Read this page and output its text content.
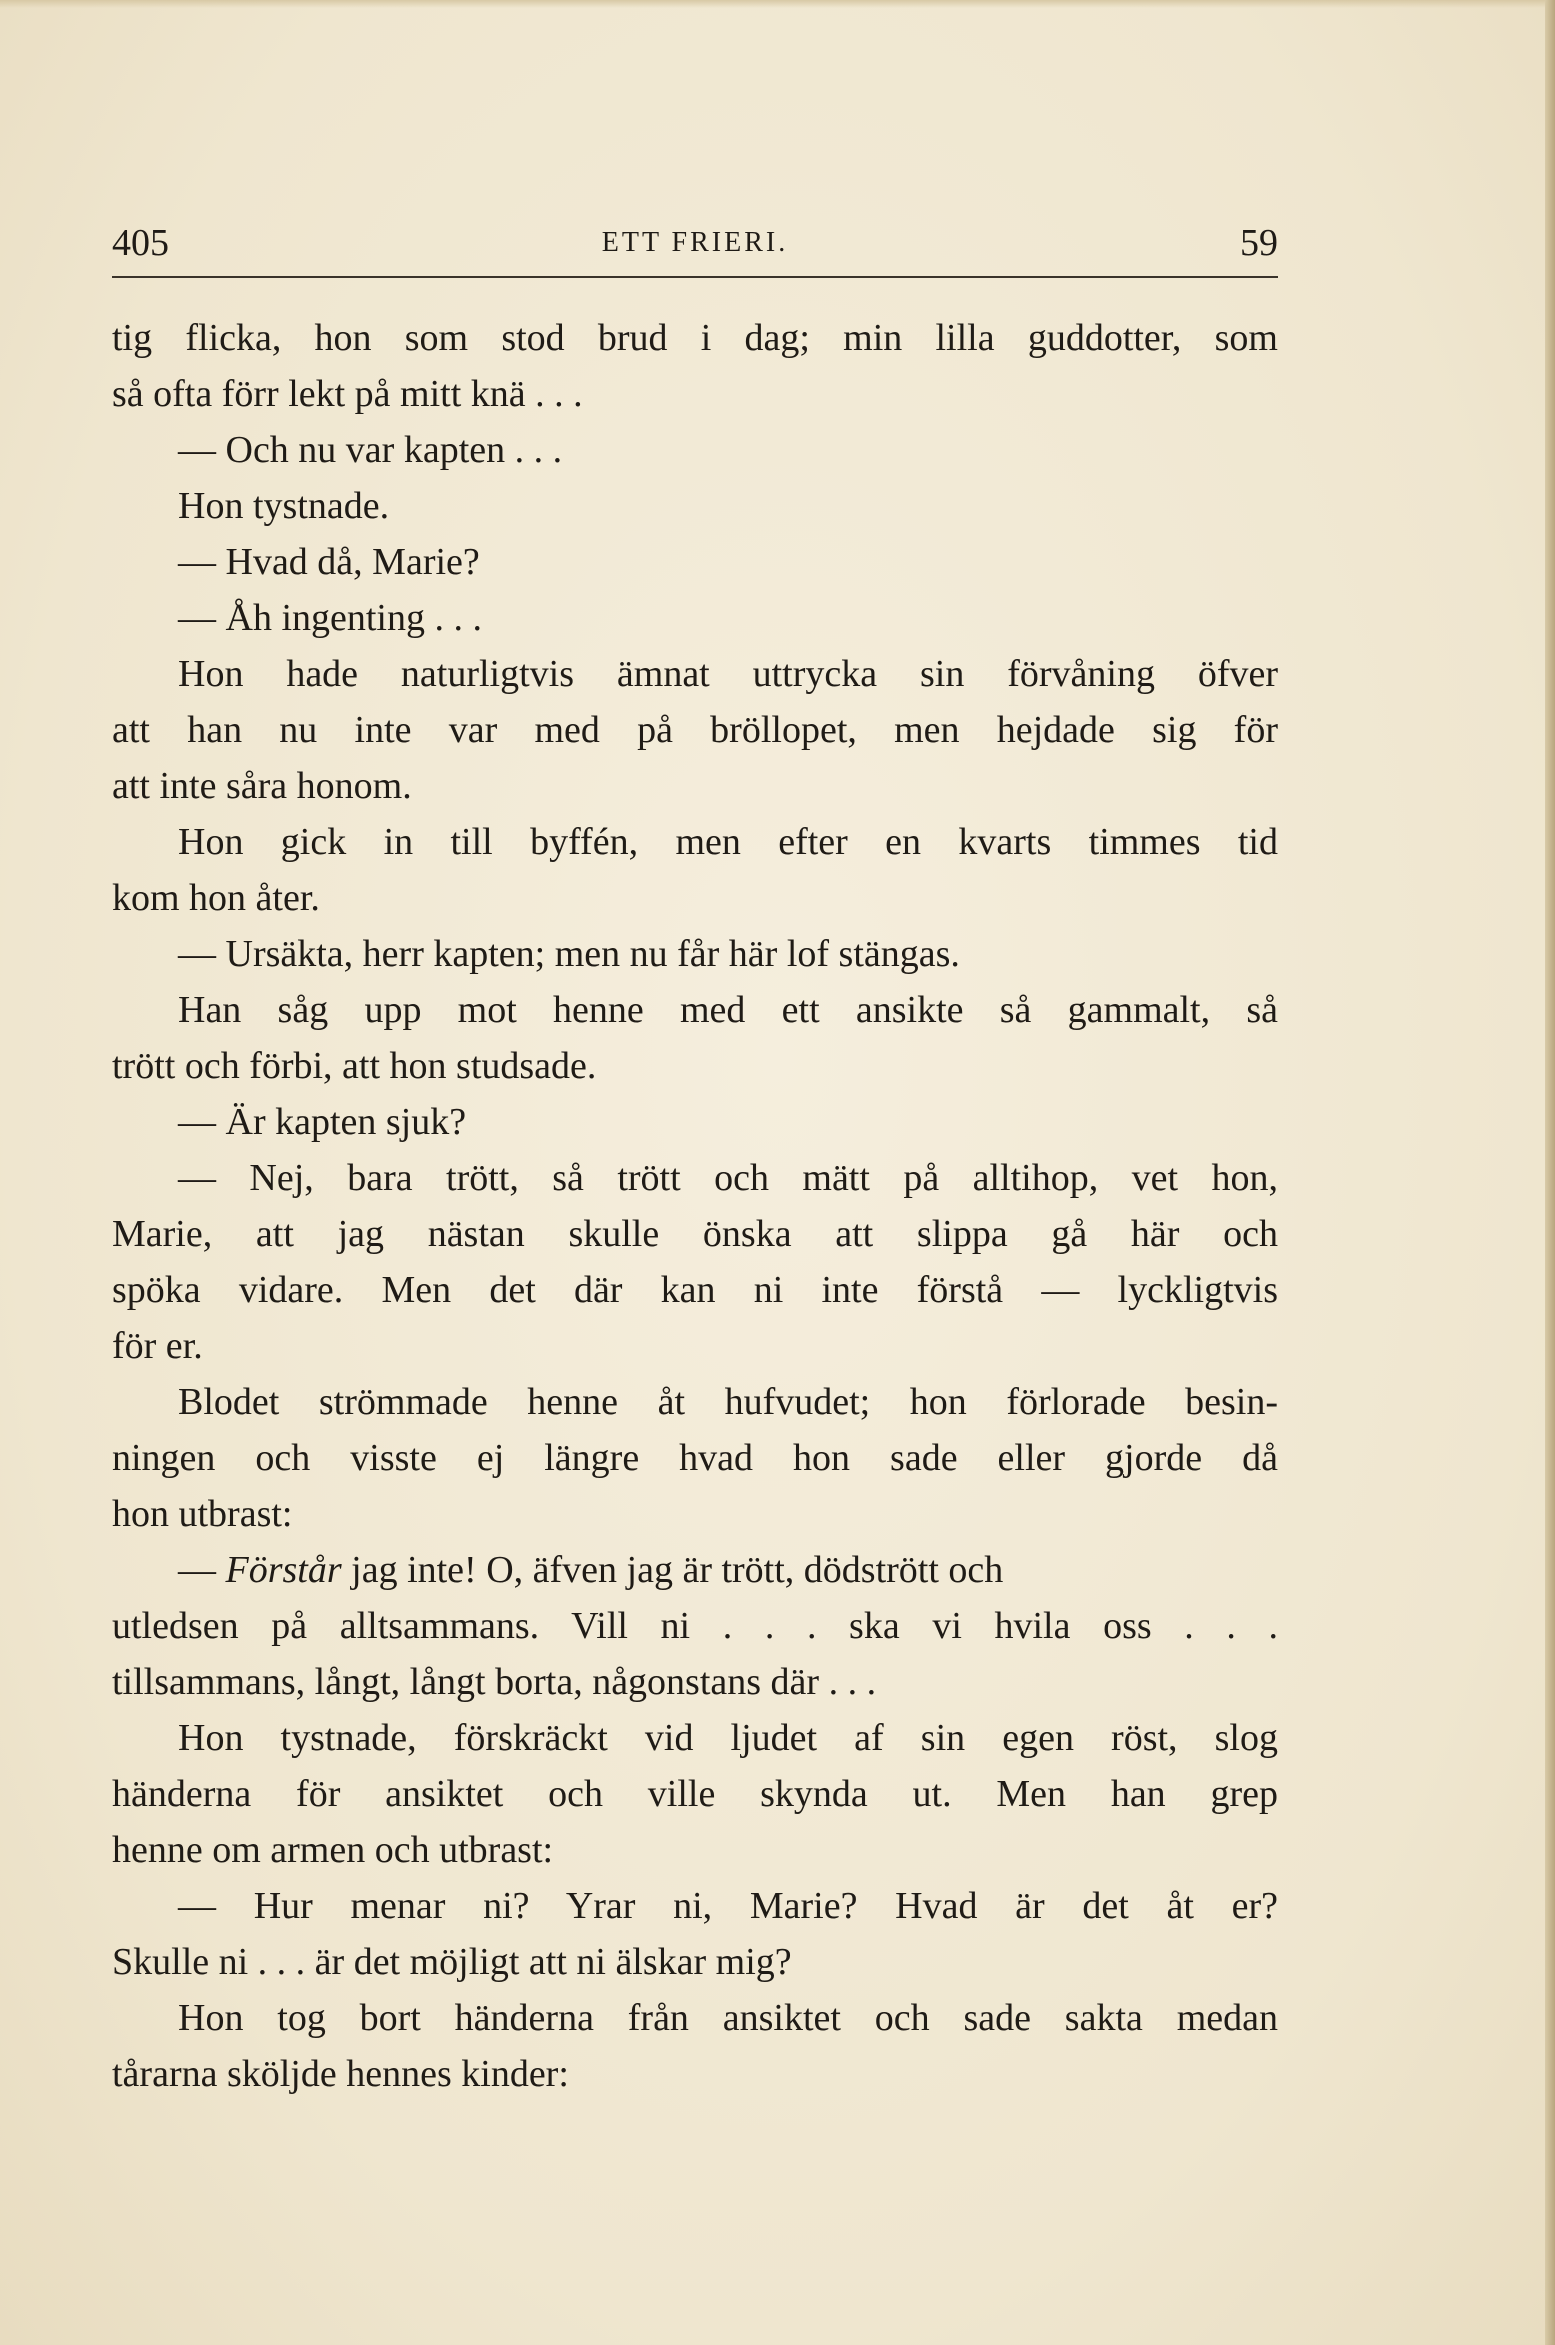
405	ETT FRIERI.	59
tig flicka, hon som stod brud i dag; min lilla guddotter, som
så ofta förr lekt på mitt knä . . .
— Och nu var kapten . . .
Hon tystnade.
— Hvad då, Marie?
— Åh ingenting . . .
Hon hade naturligtvis ämnat uttrycka sin förvåning öfver
att han nu inte var med på bröllopet, men hejdade sig för
att inte såra honom.
Hon gick in till byffén, men efter en kvarts timmes tid
kom hon åter.
— Ursäkta, herr kapten; men nu får här lof stängas.
Han såg upp mot henne med ett ansikte så gammalt, så
trött och förbi, att hon studsade.
— Är kapten sjuk?
— Nej, bara trött, så trött och mätt på alltihop, vet hon,
Marie, att jag nästan skulle önska att slippa gå här och
spöka vidare. Men det där kan ni inte förstå — lyckligtvis
för er.
Blodet strömmade henne åt hufvudet; hon förlorade besin-
ningen och visste ej längre hvad hon sade eller gjorde då
hon utbrast:
— Förstår jag inte! O, äfven jag är trött, dödstrött och
utledsen på alltsammans. Vill ni . . . ska vi hvila oss . . .
tillsammans, långt, långt borta, någonstans där . . .
Hon tystnade, förskräckt vid ljudet af sin egen röst, slog
händerna för ansiktet och ville skynda ut. Men han grep
henne om armen och utbrast:
— Hur menar ni? Yrar ni, Marie? Hvad är det åt er?
Skulle ni . . . är det möjligt att ni älskar mig?
Hon tog bort händerna från ansiktet och sade sakta medan
tårarna sköljde hennes kinder:
